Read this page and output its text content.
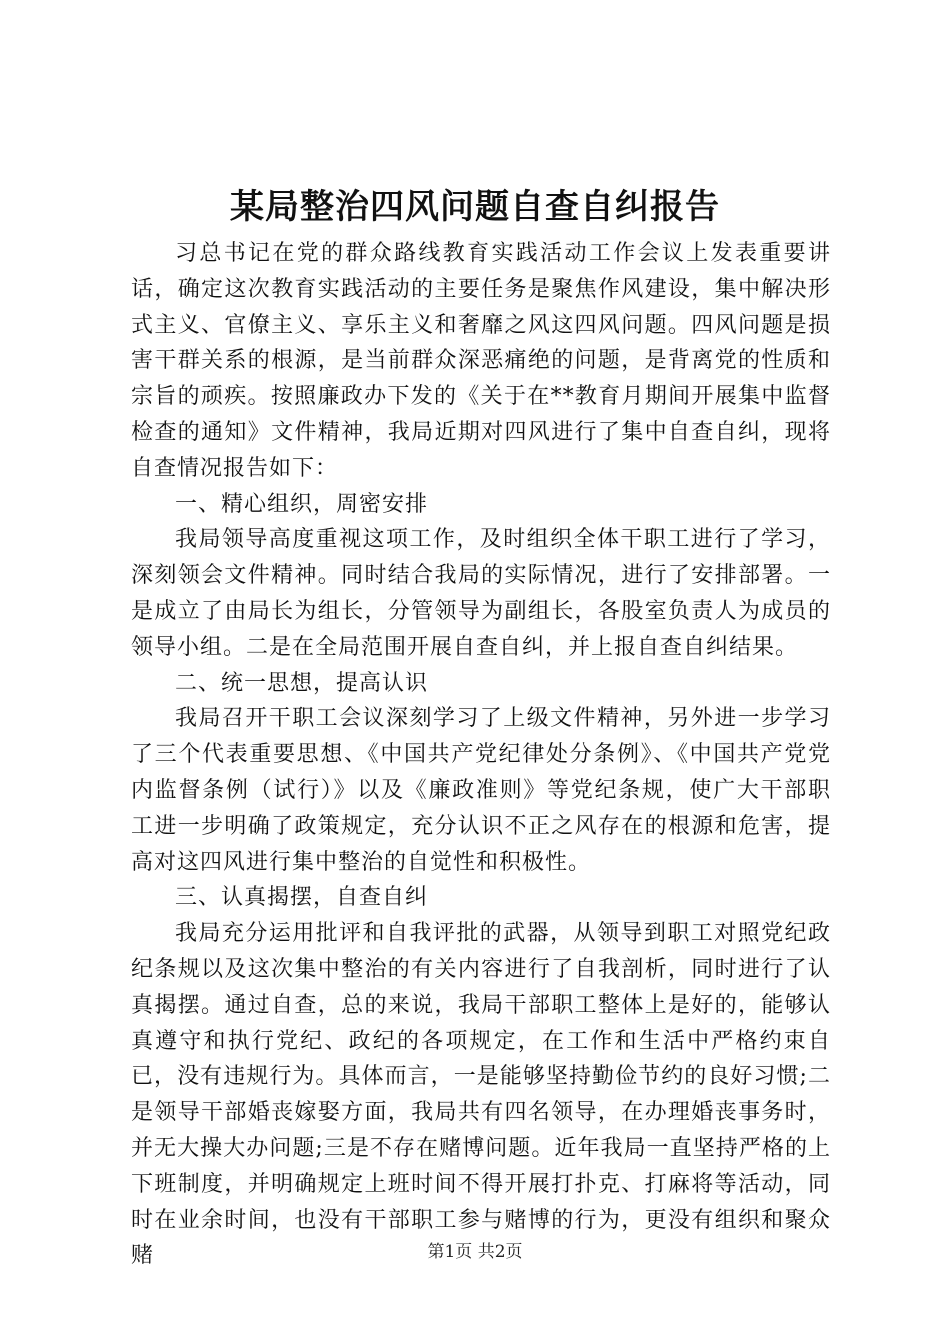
某局整治四风问题自查自纠报告

习总书记在党的群众路线教育实践活动工作会议上发表重要讲话，确定这次教育实践活动的主要任务是聚焦作风建设，集中解决形式主义、官僚主义、享乐主义和奢靡之风这四风问题。四风问题是损害干群关系的根源，是当前群众深恶痛绝的问题，是背离党的性质和宗旨的顽疾。按照廉政办下发的《关于在**教育月期间开展集中监督检查的通知》文件精神，我局近期对四风进行了集中自查自纠，现将自查情况报告如下：

一、精心组织，周密安排

我局领导高度重视这项工作，及时组织全体干职工进行了学习，深刻领会文件精神。同时结合我局的实际情况，进行了安排部署。一是成立了由局长为组长，分管领导为副组长，各股室负责人为成员的领导小组。二是在全局范围开展自查自纠，并上报自查自纠结果。

二、统一思想，提高认识

我局召开干职工会议深刻学习了上级文件精神，另外进一步学习了三个代表重要思想、《中国共产党纪律处分条例》、《中国共产党党内监督条例（试行）》以及《廉政准则》等党纪条规，使广大干部职工进一步明确了政策规定，充分认识不正之风存在的根源和危害，提高对这四风进行集中整治的自觉性和积极性。

三、认真揭摆，自查自纠

我局充分运用批评和自我评批的武器，从领导到职工对照党纪政纪条规以及这次集中整治的有关内容进行了自我剖析，同时进行了认真揭摆。通过自查，总的来说，我局干部职工整体上是好的，能够认真遵守和执行党纪、政纪的各项规定，在工作和生活中严格约束自已，没有违规行为。具体而言，一是能够坚持勤俭节约的良好习惯;二是领导干部婚丧嫁娶方面，我局共有四名领导，在办理婚丧事务时，并无大操大办问题;三是不存在赌博问题。近年我局一直坚持严格的上下班制度，并明确规定上班时间不得开展打扑克、打麻将等活动，同时在业余时间，也没有干部职工参与赌博的行为，更没有组织和聚众赌	第1页 共2页
